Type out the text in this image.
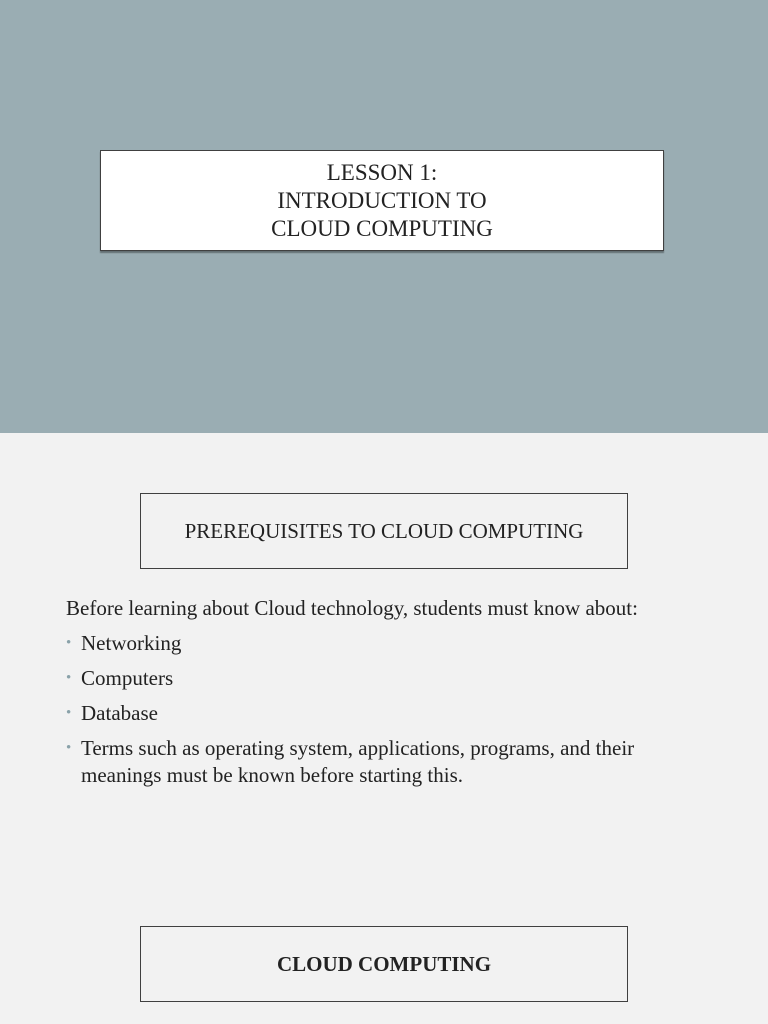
LESSON 1:
INTRODUCTION TO
CLOUD COMPUTING
PREREQUISITES TO CLOUD COMPUTING
Before learning about Cloud technology, students must know about:
• Networking
• Computers
• Database
• Terms such as operating system, applications, programs, and their meanings must be known before starting this.
CLOUD COMPUTING
